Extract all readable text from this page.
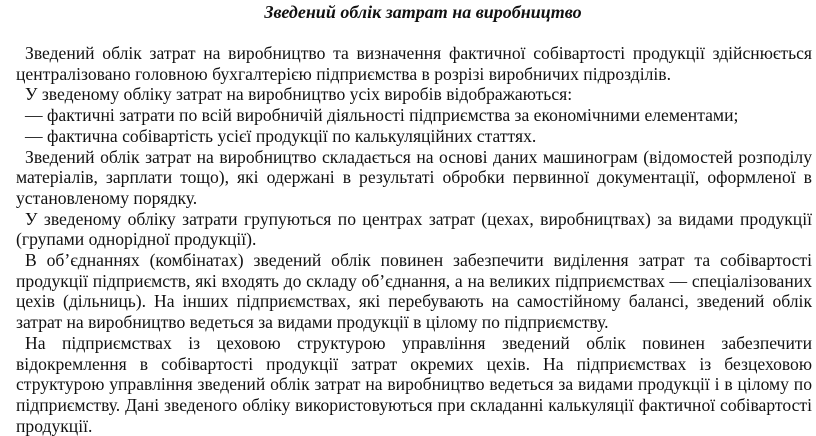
Зведений облік затрат на виробництво

Зведений облік затрат на виробництво та визначення фактичної собівартості продукції здійснюється централізовано головною бухгалтерією підприємства в розрізі виробничих підрозділів.

У зведеному обліку затрат на виробництво усіх виробів відображаються:

— фактичні затрати по всій виробничій діяльності підприємства за економічними елементами;

— фактична собівартість усієї продукції по калькуляційних статтях.

Зведений облік затрат на виробництво складається на основі даних машинограм (відомостей розподілу матеріалів, зарплати тощо), які одержані в результаті обробки первинної документації, оформленої в установленому порядку.

У зведеному обліку затрати групуються по центрах затрат (цехах, виробництвах) за видами продукції (групами однорідної продукції).

В об’єднаннях (комбінатах) зведений облік повинен забезпечити виділення затрат та собівартості продукції підприємств, які входять до складу об’єднання, а на великих підприємствах — спеціалізованих цехів (дільниць). На інших підприємствах, які перебувають на самостійному балансі, зведений облік затрат на виробництво ведеться за видами продукції в цілому по підприємству.

На підприємствах із цеховою структурою управління зведений облік повинен забезпечити відокремлення в собівартості продукції затрат окремих цехів. На підприємствах із безцеховою структурою управління зведений облік затрат на виробництво ведеться за видами продукції і в цілому по підприємству. Дані зведеного обліку використовуються при складанні калькуляції фактичної собівартості продукції.
